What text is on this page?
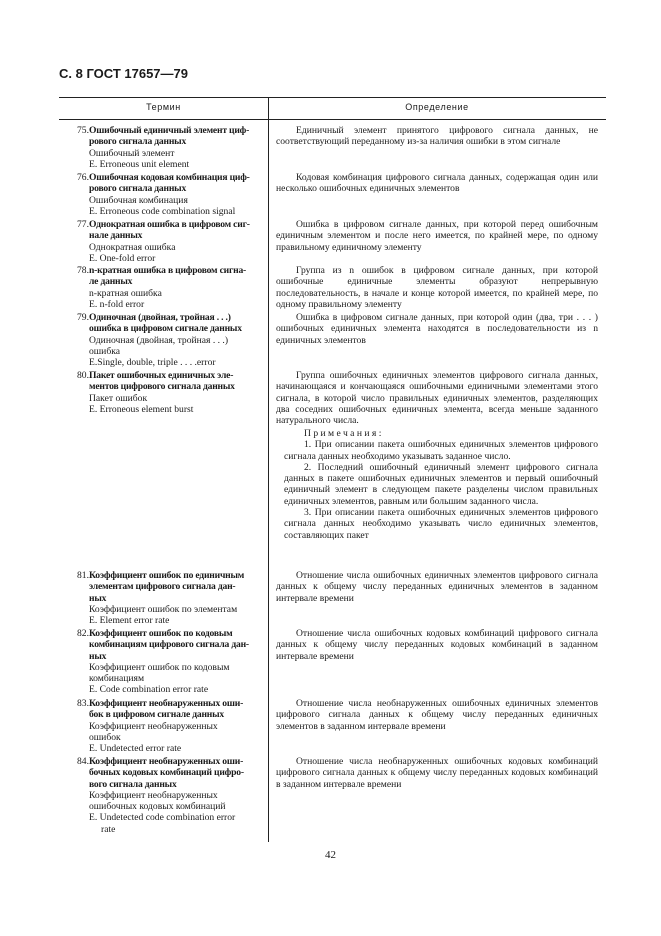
С. 8 ГОСТ 17657—79
Термин	Определение
75. Ошибочный единичный элемент циф-
рового сигнала данных
Ошибочный элемент
E. Erroneous unit element
Единичный элемент принятого цифрового сигнала данных, не соответствующий переданному из-за наличия ошибки в этом сигнале
76. Ошибочная кодовая комбинация циф-
рового сигнала данных
Ошибочная комбинация
E. Erroneous code combination signal
Кодовая комбинация цифрового сигнала данных, содержащая один или несколько ошибочных единичных элементов
77. Однократная ошибка в цифровом сиг-
нале данных
Однократная ошибка
E. One-fold error
Ошибка в цифровом сигнале данных, при которой перед ошибочным единичным элементом и после него имеется, по крайней мере, по одному правильному единичному элементу
78. n-кратная ошибка в цифровом сигна-
ле данных
n-кратная ошибка
E. n-fold error
Группа из n ошибок в цифровом сигнале данных, при которой ошибочные единичные элементы образуют непрерывную последовательность, в начале и конце которой имеется, по крайней мере, по одному правильному элементу
79. Одиночная (двойная, тройная . . .)
ошибка в цифровом сигнале данных
Одиночная (двойная, тройная . . .)
ошибка
E.Single, double, triple . . . .error
Ошибка в цифровом сигнале данных, при которой один (два, три . . . ) ошибочных единичных элемента находятся в последовательности из n единичных элементов
80. Пакет ошибочных единичных эле-
ментов цифрового сигнала данных
Пакет ошибок
E. Erroneous element burst
Группа ошибочных единичных элементов цифрового сигнала данных, начинающаяся и кончающаяся ошибочными единичными элементами этого сигнала, в которой число правильных единичных элементов, разделяющих два соседних ошибочных единичных элемента, всегда меньше заданного натурального числа.

Примечания:

1. При описании пакета ошибочных единичных элементов цифрового сигнала данных необходимо указывать заданное число.

2. Последний ошибочный единичный элемент цифрового сигнала данных в пакете ошибочных единичных элементов и первый ошибочный единичный элемент в следующем пакете разделены числом правильных единичных элементов, равным или большим заданного числа.

3. При описании пакета ошибочных единичных элементов цифрового сигнала данных необходимо указывать число единичных элементов, составляющих пакет

81. Коэффициент ошибок по единичным
элементам цифрового сигнала дан-
ных
Коэффициент ошибок по элементам
E. Element error rate
Отношение числа ошибочных единичных элементов цифрового сигнала данных к общему числу переданных единичных элементов в заданном интервале времени
82. Коэффициент ошибок по кодовым
комбинациям цифрового сигнала дан-
ных
Коэффициент ошибок по кодовым
комбинациям
E. Code combination error rate
Отношение числа ошибочных кодовых комбинаций цифрового сигнала данных к общему числу переданных кодовых комбинаций в заданном интервале времени
83. Коэффициент необнаруженных оши-
бок в цифровом сигнале данных
Коэффициент необнаруженных
ошибок
E. Undetected error rate
Отношение числа необнаруженных ошибочных единичных элементов цифрового сигнала данных к общему числу переданных единичных элементов в заданном интервале времени
84. Коэффициент необнаруженных оши-
бочных кодовых комбинаций цифро-
вого сигнала данных
Коэффициент необнаруженных
ошибочных кодовых комбинаций
E. Undetected code combination error
rate
Отношение числа необнаруженных ошибочных кодовых комбинаций цифрового сигнала данных к общему числу переданных кодовых комбинаций в заданном интервале времени
42
